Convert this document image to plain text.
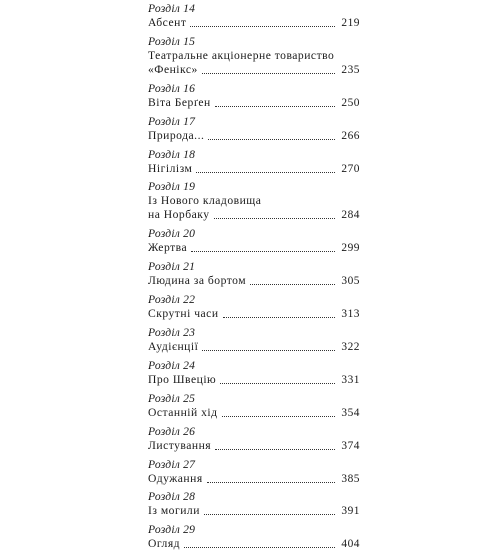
Розділ 14
Абсент	219
Розділ 15
Театральне акціонерне товариство
«Фенікс»	235
Розділ 16
Віта Берґен	250
Розділ 17
Природа...	266
Розділ 18
Нігілізм	270
Розділ 19
Із Нового кладовища
на Норбаку	284
Розділ 20
Жертва	299
Розділ 21
Людина за бортом	305
Розділ 22
Скрутні часи	313
Розділ 23
Аудієнції	322
Розділ 24
Про Швецію	331
Розділ 25
Останній хід	354
Розділ 26
Листування	374
Розділ 27
Одужання	385
Розділ 28
Із могили	391
Розділ 29
Огляд	404
